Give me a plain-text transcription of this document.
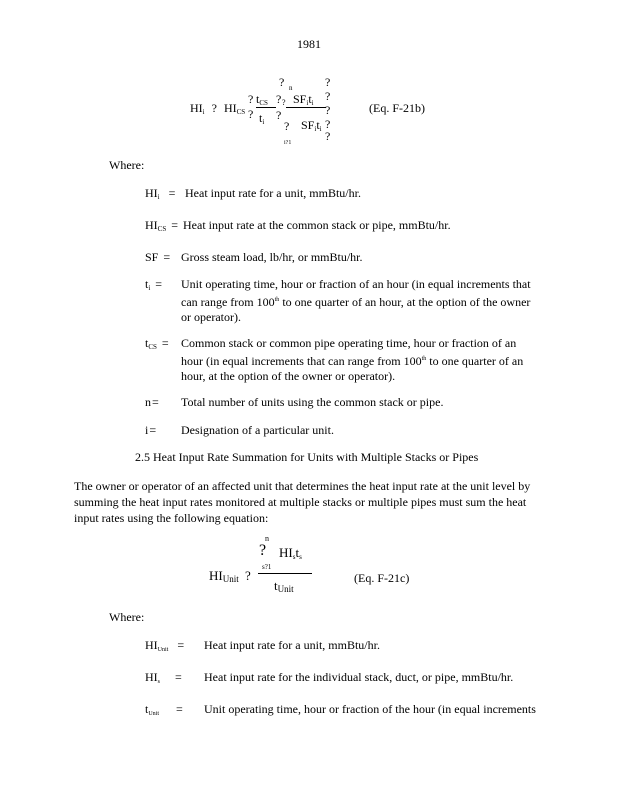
1981
?	?
n
$HI_i$ ? $HI_{CS}$
? $t_{CS}$ ?
? $t_i$ ?
?
?
i?1
$SF_it_i$
$SF_it_i$
?
?
?
?
(Eq. F-21b)
Where:
$HI_i$ = Heat input rate for a unit, mmBtu/hr.
$HI_{CS}$ = Heat input rate at the common stack or pipe, mmBtu/hr.
SF = Gross steam load, lb/hr, or mmBtu/hr.
$t_i$ = Unit operating time, hour or fraction of an hour (in equal increments that can range from 100th to one quarter of an hour, at the option of the owner or operator).
$t_{CS}$ = Common stack or common pipe operating time, hour or fraction of an hour (in equal increments that can range from 100th to one quarter of an hour, at the option of the owner or operator).
n= Total number of units using the common stack or pipe.
i= Designation of a particular unit.
2.5 Heat Input Rate Summation for Units with Multiple Stacks or Pipes
The owner or operator of an affected unit that determines the heat input rate at the unit level by summing the heat input rates monitored at multiple stacks or multiple pipes must sum the heat input rates using the following equation:
n
? $HI_st_s$
s?1
$HI_{Unit}$ ?
$t_{Unit}$
(Eq. F-21c)
Where:
$HI_{Unit}$ = Heat input rate for a unit, mmBtu/hr.
$HI_s$ = Heat input rate for the individual stack, duct, or pipe, mmBtu/hr.
$t_{Unit}$ = Unit operating time, hour or fraction of the hour (in equal increments
